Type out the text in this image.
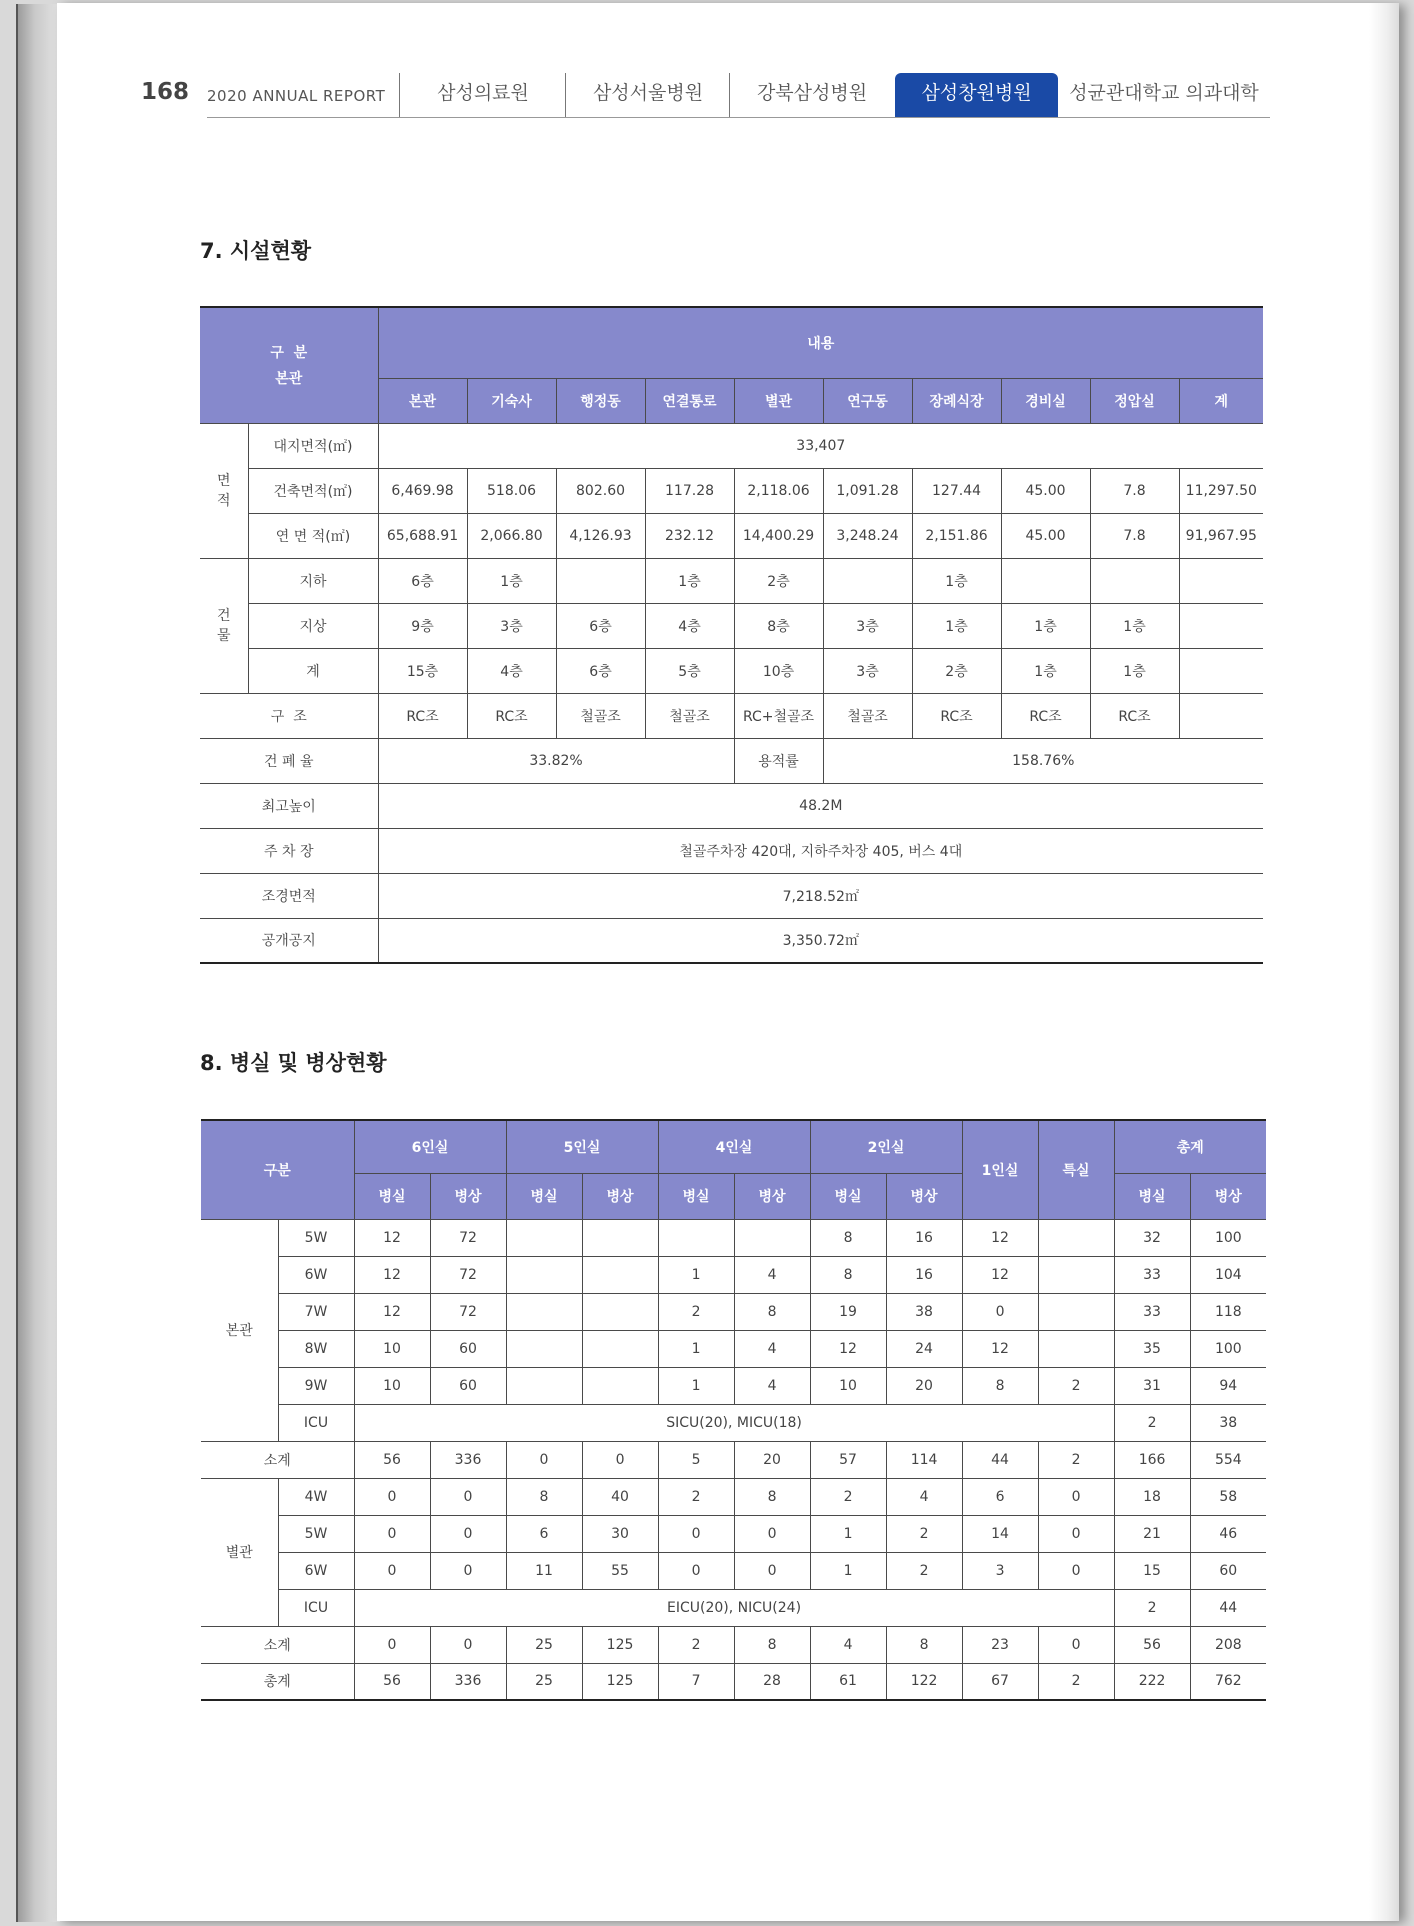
168 2020 ANNUAL REPORT	삼성의료원	삼성서울병원	강북삼성병원	삼성창원병원	성균관대학교 의과대학
7. 시설현황
구  분
본관		내용									
		본관	기숙사	행정동	연결통로	별관	연구동	장례식장	경비실	정압실	계
면
적	대지면적(㎡)	33,407									
	건축면적(㎡)	6,469.98	518.06	802.60	117.28	2,118.06	1,091.28	127.44	45.00	7.8	11,297.50
	연 면 적(㎡)	65,688.91	2,066.80	4,126.93	232.12	14,400.29	3,248.24	2,151.86	45.00	7.8	91,967.95
건
물	지하	6층	1층		1층	2층		1층			
	지상	9층	3층	6층	4층	8층	3층	1층	1층	1층	
	계	15층	4층	6층	5층	10층	3층	2층	1층	1층	
구  조		RC조	RC조	철골조	철골조	RC+철골조	철골조	RC조	RC조	RC조	
건 폐 율		33.82%				용적률	158.76%				
최고높이		48.2M									
주 차 장		철골주차장 420대, 지하주차장 405, 버스 4대									
조경면적		7,218.52㎡									
공개공지		3,350.72㎡									
8. 병실 및 병상현황
구분		6인실		5인실		4인실		2인실		1인실	특실	총계	
		병실	병상	병실	병상	병실	병상	병실	병상			병실	병상
본관	5W	12	72					8	16	12		32	100
	6W	12	72			1	4	8	16	12		33	104
	7W	12	72			2	8	19	38	0		33	118
	8W	10	60			1	4	12	24	12		35	100
	9W	10	60			1	4	10	20	8	2	31	94
	ICU	SICU(20), MICU(18)										2	38
소계		56	336	0	0	5	20	57	114	44	2	166	554
별관	4W	0	0	8	40	2	8	2	4	6	0	18	58
	5W	0	0	6	30	0	0	1	2	14	0	21	46
	6W	0	0	11	55	0	0	1	2	3	0	15	60
	ICU	EICU(20), NICU(24)										2	44
소계		0	0	25	125	2	8	4	8	23	0	56	208
총계		56	336	25	125	7	28	61	122	67	2	222	762
